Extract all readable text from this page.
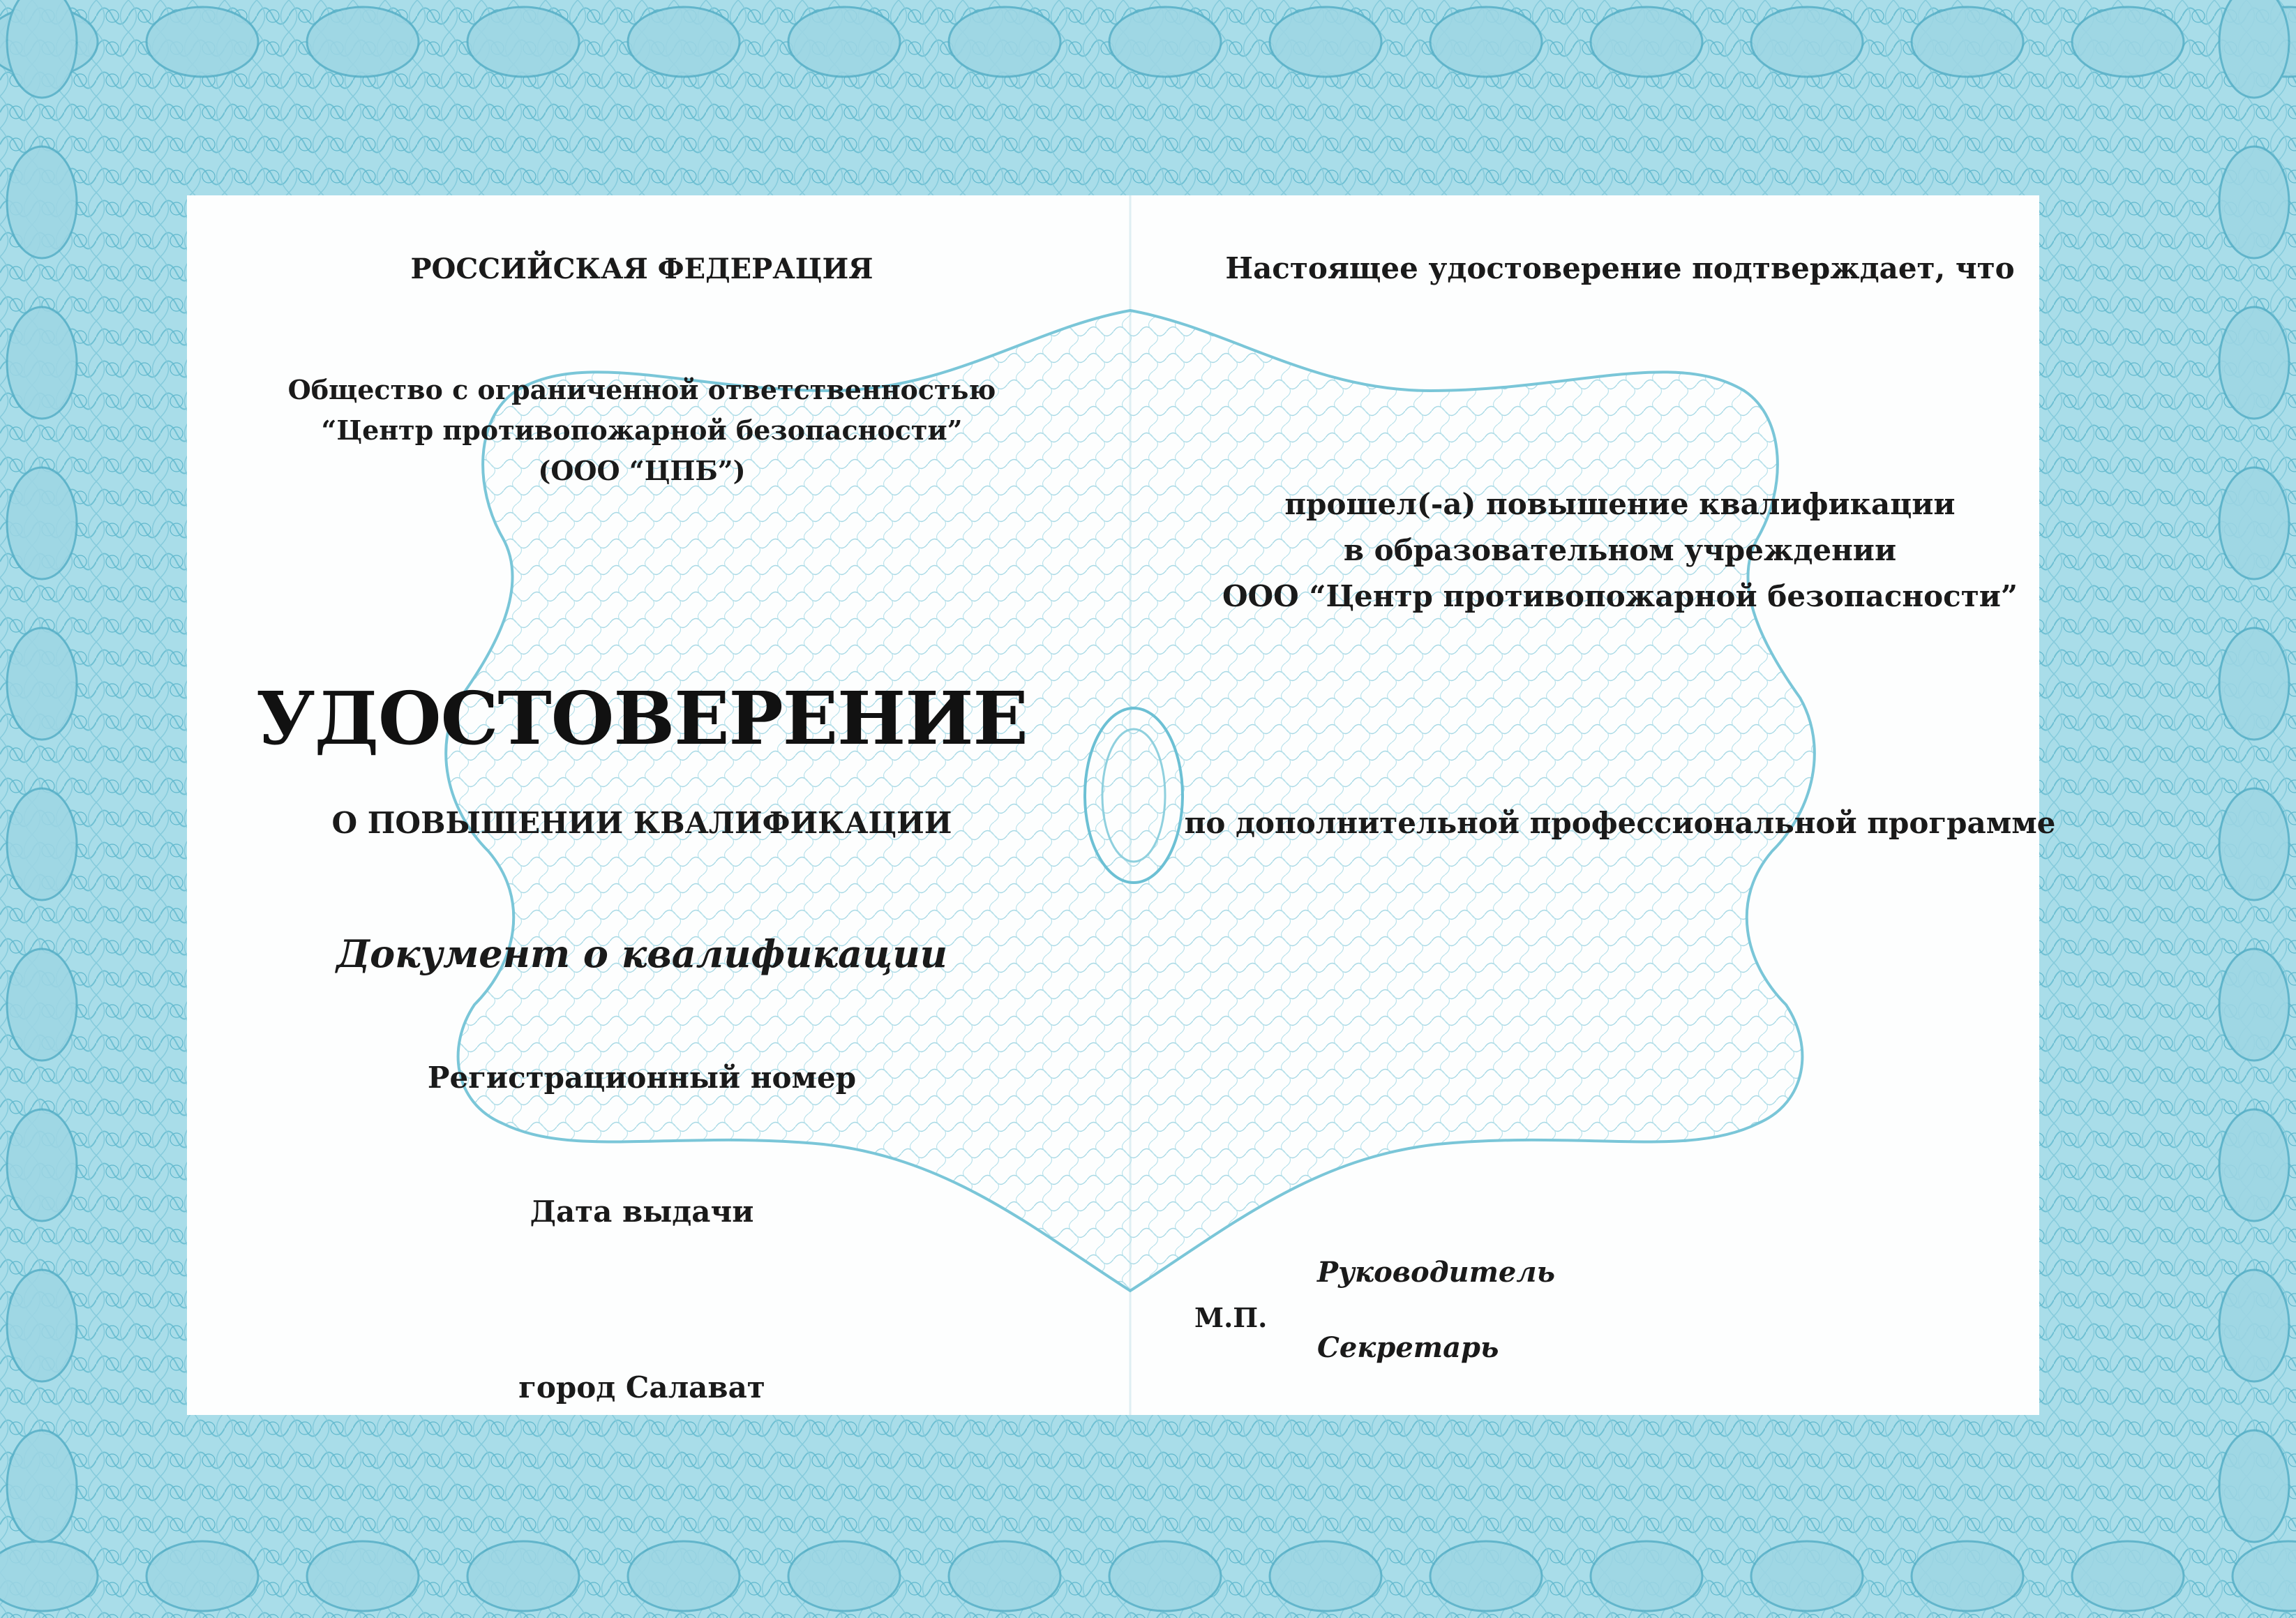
РОССИЙСКАЯ ФЕДЕРАЦИЯ
Общество с ограниченной ответственностью
“Центр противопожарной безопасности”
(ООО “ЦПБ”)
УДОСТОВЕРЕНИЕ
О ПОВЫШЕНИИ КВАЛИФИКАЦИИ
Документ о квалификации
Регистрационный номер
Дата выдачи
город Салават
Настоящее удостоверение подтверждает, что
прошел(-а) повышение квалификации
в образовательном учреждении
ООО “Центр противопожарной безопасности”
по дополнительной профессиональной программе
Руководитель
М.П.
Секретарь
